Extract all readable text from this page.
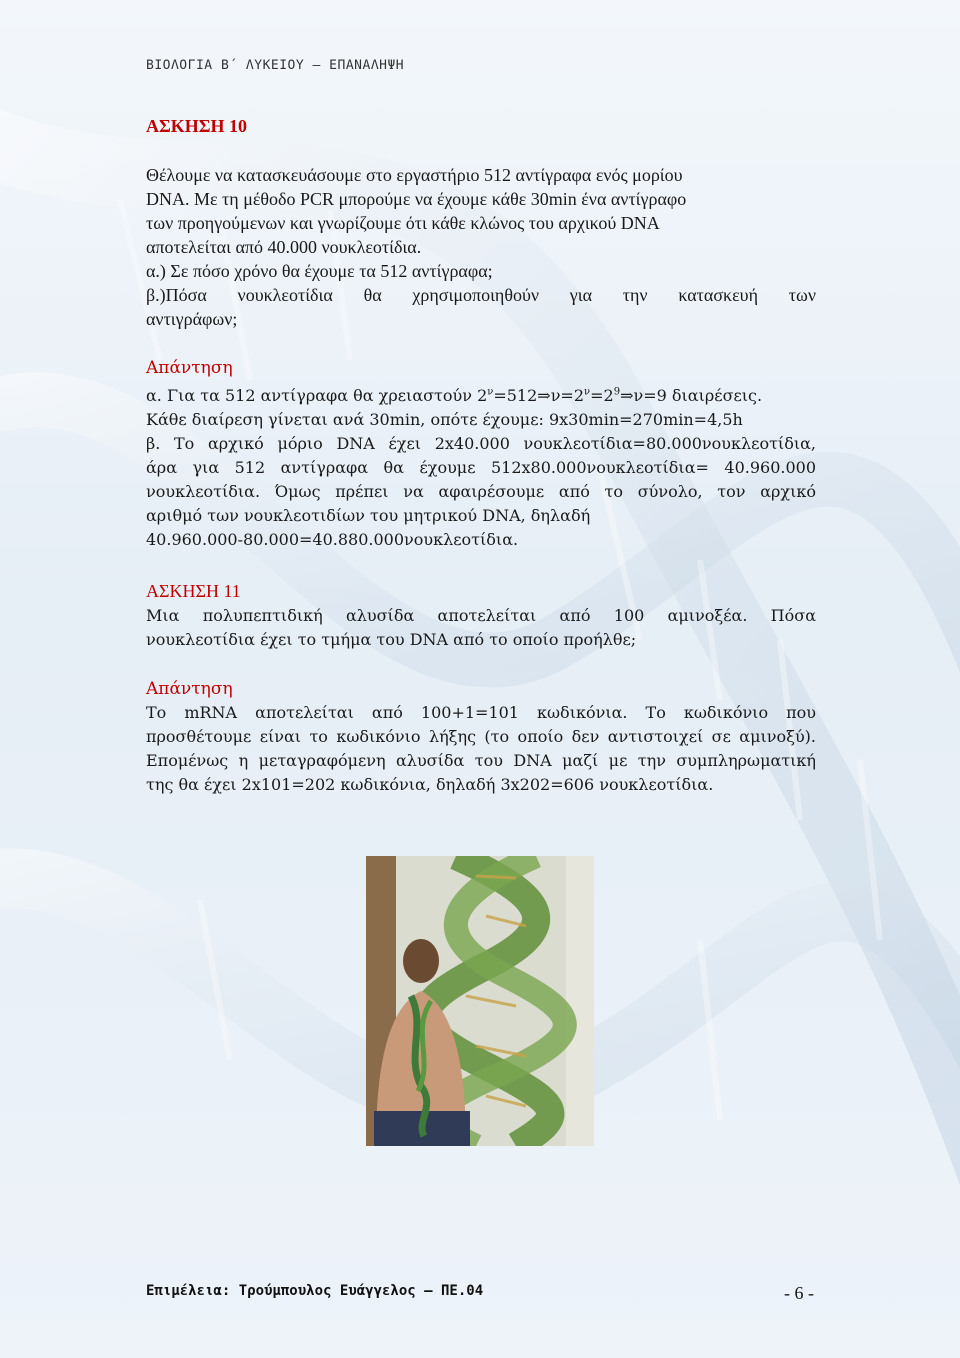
ΒΙΟΛΟΓΙΑ Β΄ ΛΥΚΕΙΟΥ – ΕΠΑΝΑΛΗΨΗ
ΑΣΚΗΣΗ 10
Θέλουμε να κατασκευάσουμε στο εργαστήριο 512 αντίγραφα ενός μορίου
DNA. Με τη μέθοδο PCR μπορούμε να έχουμε κάθε 30min ένα αντίγραφο
των προηγούμενων και γνωρίζουμε ότι κάθε κλώνος του αρχικού DNA
αποτελείται από 40.000 νουκλεοτίδια.
α.) Σε πόσο χρόνο θα έχουμε τα 512 αντίγραφα;
β.)Πόσα νουκλεοτίδια θα χρησιμοποιηθούν για την κατασκευή των
αντιγράφων;

Απάντηση

α. Για τα 512 αντίγραφα θα χρειαστούν $2^\nu=512\Rightarrow\nu=2^\nu=2^9\Rightarrow\nu=9$ διαιρέσεις.
Κάθε διαίρεση γίνεται ανά 30min, οπότε έχουμε: 9x30min=270min=4,5h
β. Το αρχικό μόριο DNA έχει 2x40.000 νουκλεοτίδια=80.000νουκλεοτίδια,
άρα για 512 αντίγραφα θα έχουμε 512x80.000νουκλεοτίδια= 40.960.000
νουκλεοτίδια. Όμως πρέπει να αφαιρέσουμε από το σύνολο, τον αρχικό
αριθμό των νουκλεοτιδίων του μητρικού DNA, δηλαδή
40.960.000-80.000=40.880.000νουκλεοτίδια.
ΑΣΚΗΣΗ 11
Μια πολυπεπτιδική αλυσίδα αποτελείται από 100 αμινοξέα. Πόσα
νουκλεοτίδια έχει το τμήμα του DNA από το οποίο προήλθε;

Απάντηση

Το mRNA αποτελείται από 100+1=101 κωδικόνια. Το κωδικόνιο που
προσθέτουμε είναι το κωδικόνιο λήξης (το οποίο δεν αντιστοιχεί σε αμινοξύ).
Επομένως η μεταγραφόμενη αλυσίδα του DNA μαζί με την συμπληρωματική
της θα έχει 2x101=202 κωδικόνια, δηλαδή 3x202=606 νουκλεοτίδια.
Επιμέλεια: Τρούμπουλος Ευάγγελος – ΠΕ.04	- 6 -
